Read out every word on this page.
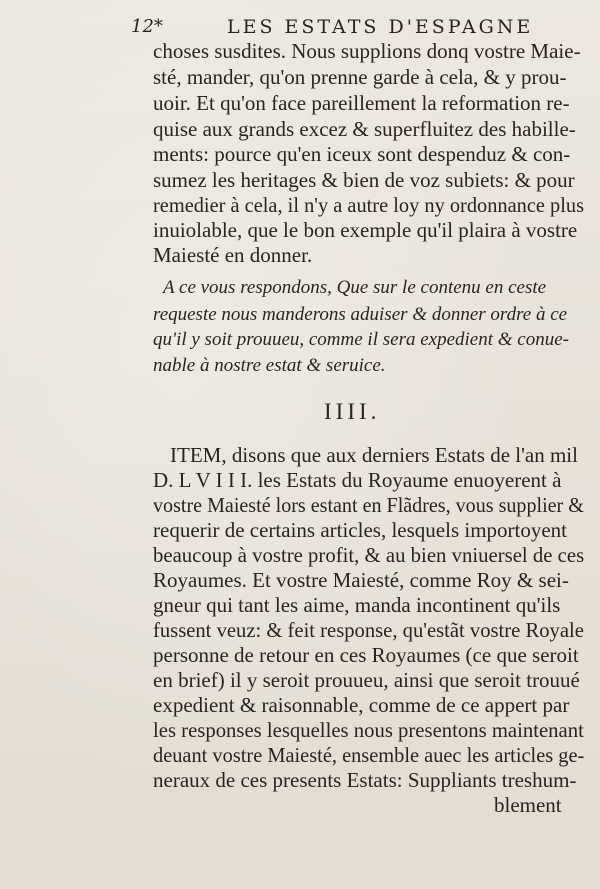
12*	LES ESTATS D'ESPAGNE
choses susdites. Nous supplions donq vostre Maie-
sté, mander, qu'on prenne garde à cela, & y prou-
uoir. Et qu'on face pareillement la reformation re-
quise aux grands excez & superfluitez des habille-
ments: pource qu'en iceux sont despenduz & con-
sumez les heritages & bien de voz subiets: & pour
remedier à cela, il n'y a autre loy ny ordonnance plus
inuiolable, que le bon exemple qu'il plaira à vostre
Maiesté en donner.
A ce vous respondons, Que sur le contenu en ceste
requeste nous manderons aduiser & donner ordre à ce
qu'il y soit prouueu, comme il sera expedient & conue-
nable à nostre estat & seruice.
IIII.
ITEM, disons que aux derniers Estats de l'an mil
D. L V I I I. les Estats du Royaume enuoyerent à
vostre Maiesté lors estant en Flãdres, vous supplier &
requerir de certains articles, lesquels importoyent
beaucoup à vostre profit, & au bien vniuersel de ces
Royaumes. Et vostre Maiesté, comme Roy & sei-
gneur qui tant les aime, manda incontinent qu'ils
fussent veuz: & feit response, qu'estãt vostre Royale
personne de retour en ces Royaumes (ce que seroit
en brief) il y seroit prouueu, ainsi que seroit trouué
expedient & raisonnable, comme de ce appert par
les responses lesquelles nous presentons maintenant
deuant vostre Maiesté, ensemble auec les articles ge-
neraux de ces presents Estats: Suppliants treshum-
blement
